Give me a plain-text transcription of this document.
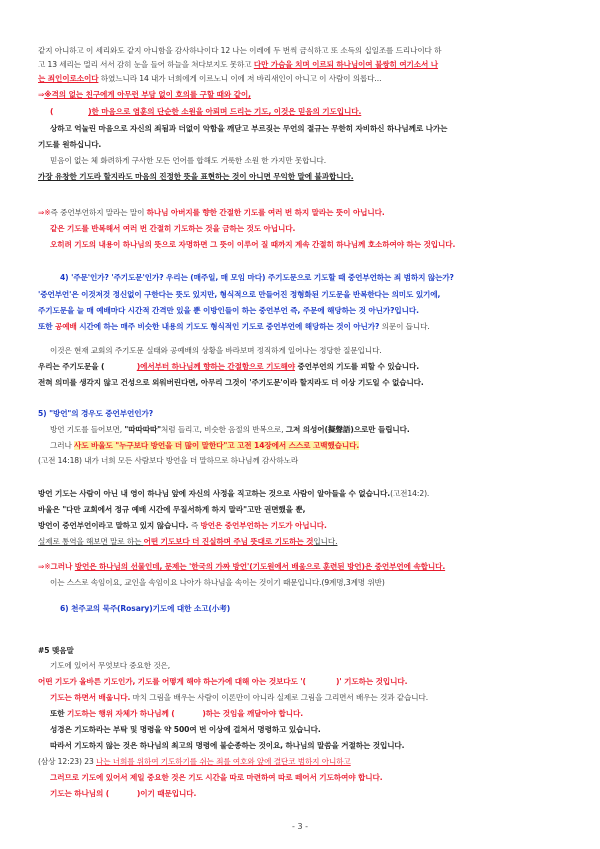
같지 아니하고 이 세리와도 같지 아니함을 감사하나이다 12 나는 이레에 두 번씩 금식하고 또 소득의 십일조를 드리나이다 하
고 13 세리는 멀리 서서 감히 눈을 들어 하늘을 쳐다보지도 못하고 다만 가슴을 치며 이르되 하나님이여 불쌍히 여기소서 나
는 죄인이로소이다 하였느니라 14 내가 너희에게 이르노니 이에 저 바리새인이 아니고 이 사람이 의롭다...
⇒※격의 없는 친구에게 아무런 부담 없이 호의를 구할 때와 같이,
(	)한 마음으로 염훈의 단순한 소원을 아뢰며 드리는 기도, 이것은 믿음의 기도입니다.
상하고 억눌린 마음으로 자신의 죄됨과 더없이 악함을 깨닫고 부르짖는 무언의 절규는 무한히 자비하신 하나님께로 나가는
기도를 원하십니다.
믿음이 없는 체 화려하게 구사한 모든 언어를 합해도 거룩한 소원 한 가지만 못합니다.
가장 유창한 기도라 할지라도 마음의 진정한 뜻을 표현하는 것이 아니면 무익한 말에 불과합니다.
⇒※즉 중언부언하지 말라는 말이 하나님 아버지를 향한 간절한 기도를 여러 번 하지 말라는 뜻이 아닙니다.
같은 기도를 반복해서 여러 번 간절히 기도하는 것을 금하는 것도 아닙니다.
오히려 기도의 내용이 하나님의 뜻으로 자명하면 그 뜻이 이루어 질 때까지 계속 간절히 하나님께 호소하여야 하는 것입니다.
4) '주문'인가? '주기도문'인가? 우리는 (매주일, 매 모임 마다) 주기도문으로 기도할 때 중언부언하는 죄 범하지 않는가?
'중언부언'은 이것저것 정신없이 구한다는 뜻도 있지만, 형식적으로 만들어진 정형화된 기도문을 반복한다는 의미도 있기에,
주기도문을 늘 매 예배마다 시간적 간격만 있을 뿐 이방인들이 하는 중언부언 즉, 주문에 해당하는 것 아닌가?입니다.
또한 공예배 시간에 하는 매주 비슷한 내용의 기도도 형식적인 기도로 중언부언에 해당하는 것이 아닌가? 의문이 듭니다.
이것은 현재 교회의 주기도문 실태와 공예배의 상황을 바라보며 정직하게 일어나는 정당한 질문입니다.
우리는 주기도문을 (	)에서부터 하나님께 향하는 간절함으로 기도해야 중언부언의 기도를 피할 수 있습니다.
전혀 의미를 생각지 않고 건성으로 외워버린다면, 아무리 그것이 '주기도문'이라 할지라도 더 이상 기도일 수 없습니다.
5) "방언"의 경우도 중언부언인가?
방언 기도를 들어보면, "따따따따"처럼 들리고, 비슷한 음절의 반복으로, 그저 의성어(擬聲語)으로만 들립니다.
그러나 사도 바울도 "누구보다 방언을 더 많이 말한다"고 고전 14장에서 스스로 고백했습니다.
(고전 14:18) 내가 너희 모든 사람보다 방언을 더 말하므로 하나님께 감사하노라
방언 기도는 사람이 아닌 내 영이 하나님 앞에 자신의 사정을 직고하는 것으로 사람이 알아들을 수 없습니다.(고전14:2).
바울은 "다만 교회에서 정규 예배 시간에 무질서하게 하지 말라"고만 권면했을 뿐,
방언이 중언부언이라고 말하고 있지 않습니다. 즉 방언은 중언부언하는 기도가 아닙니다.
실제로 통역을 해보면 말로 하는 어떤 기도보다 더 진실하며 주님 뜻대로 기도하는 것입니다.
⇒※그러나 방언은 하나님의 선물인데, 문제는 '한국의 가짜 방언'(기도원에서 배움으로 훈련된 방언)은 중언부언에 속합니다.
이는 스스로 속임이요, 교인을 속임이요 나아가 하나님을 속이는 것이기 때문입니다.(9계명,3계명 위반)
6) 천주교의 묵주(Rosary)기도에 대한 소고(小考)
#5 맺음말
기도에 있어서 무엇보다 중요한 것은,
어떤 기도가 올바른 기도인가, 기도를 어떻게 해야 하는가에 대해 아는 것보다도 '(	)' 기도하는 것입니다.
기도는 하면서 배웁니다. 마치 그림을 배우는 사람이 이론만이 아니라 실제로 그림을 그리면서 배우는 것과 같습니다.
또한 기도하는 행위 자체가 하나님께 (	)하는 것임을 깨달아야 합니다.
성경은 기도하라는 부탁 및 명령을 약 500여 번 이상에 걸쳐서 명령하고 있습니다.
따라서 기도하지 않는 것은 하나님의 최고의 명령에 불순종하는 것이요, 하나님의 말씀을 거절하는 것입니다.
(삼상 12:23) 23 나는 너희를 위하여 기도하기를 쉬는 죄를 여호와 앞에 결단코 범하지 아니하고
그러므로 기도에 있어서 제일 중요한 것은 기도 시간을 따로 마련하여 따로 떼어서 기도하여야 합니다.
기도는 하나님의 (	)이기 때문입니다.
- 3 -
